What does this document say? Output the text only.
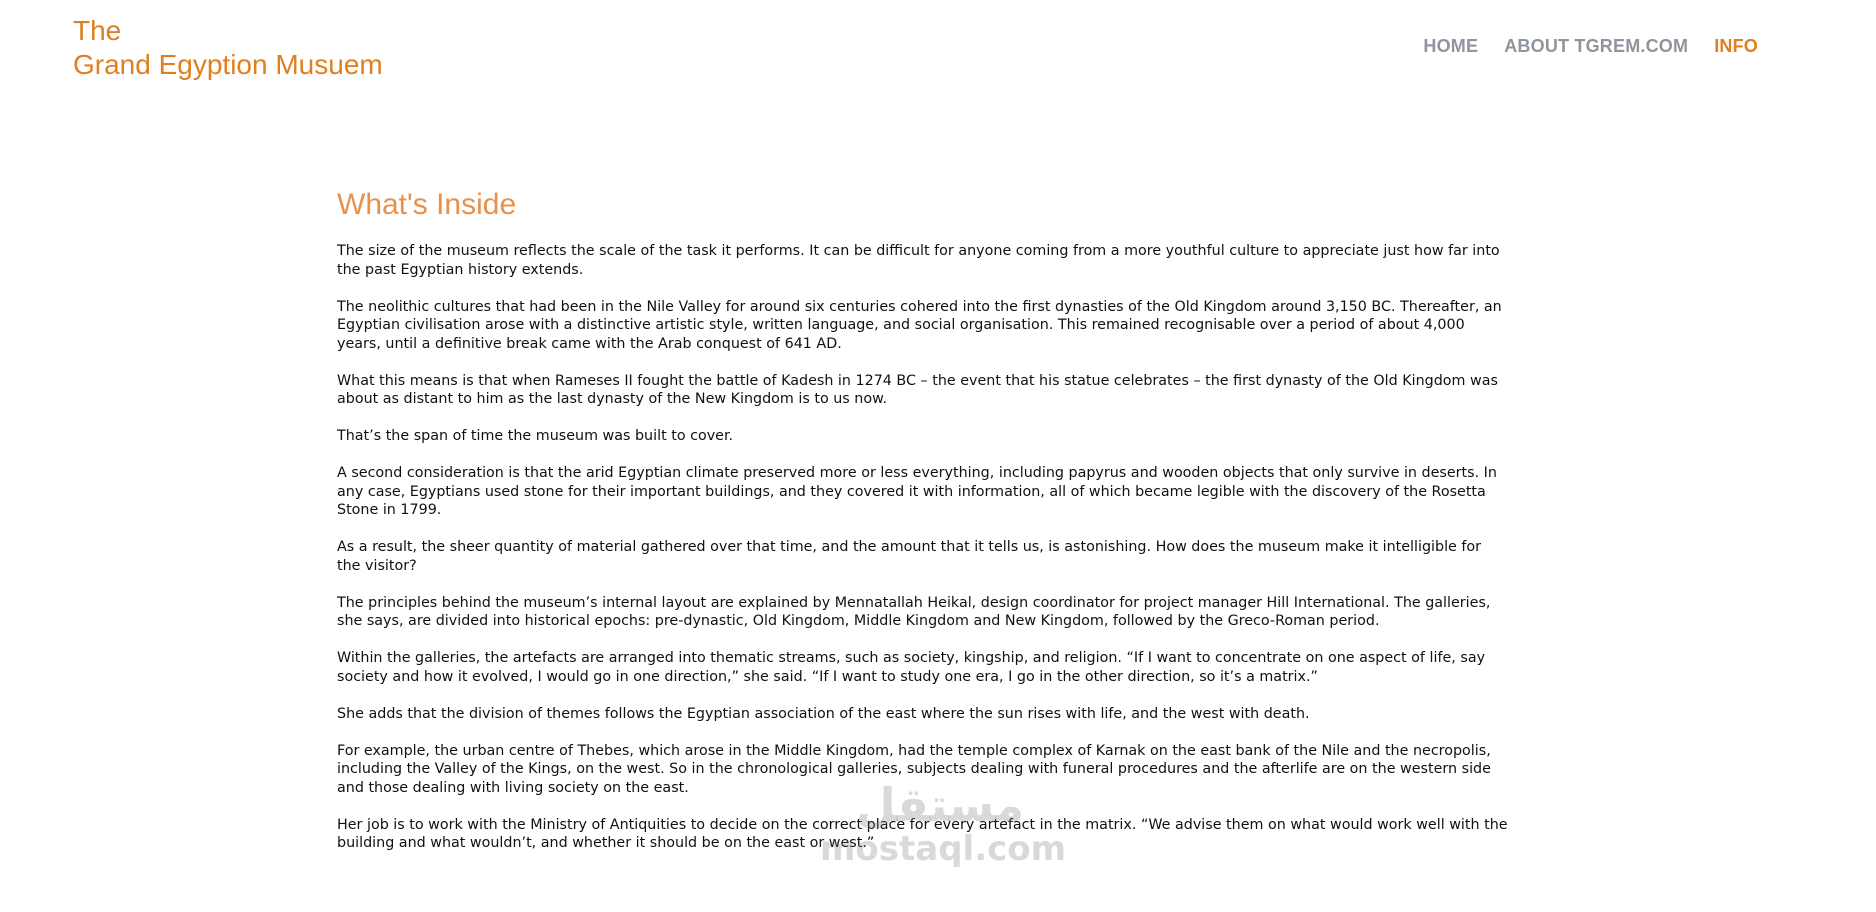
The
Grand Egyption Musuem
HOME ABOUT TGREM.COM INFO
What's Inside

The size of the museum reflects the scale of the task it performs. It can be difficult for anyone coming from a more youthful culture to appreciate just how far into the past Egyptian history extends.

The neolithic cultures that had been in the Nile Valley for around six centuries cohered into the first dynasties of the Old Kingdom around 3,150 BC. Thereafter, an Egyptian civilisation arose with a distinctive artistic style, written language, and social organisation. This remained recognisable over a period of about 4,000 years, until a definitive break came with the Arab conquest of 641 AD.

What this means is that when Rameses II fought the battle of Kadesh in 1274 BC – the event that his statue celebrates – the first dynasty of the Old Kingdom was about as distant to him as the last dynasty of the New Kingdom is to us now.

That’s the span of time the museum was built to cover.

A second consideration is that the arid Egyptian climate preserved more or less everything, including papyrus and wooden objects that only survive in deserts. In any case, Egyptians used stone for their important buildings, and they covered it with information, all of which became legible with the discovery of the Rosetta Stone in 1799.

As a result, the sheer quantity of material gathered over that time, and the amount that it tells us, is astonishing. How does the museum make it intelligible for the visitor?

The principles behind the museum’s internal layout are explained by Mennatallah Heikal, design coordinator for project manager Hill International. The galleries, she says, are divided into historical epochs: pre-dynastic, Old Kingdom, Middle Kingdom and New Kingdom, followed by the Greco-Roman period.

Within the galleries, the artefacts are arranged into thematic streams, such as society, kingship, and religion. “If I want to concentrate on one aspect of life, say society and how it evolved, I would go in one direction,” she said. “If I want to study one era, I go in the other direction, so it’s a matrix.”

She adds that the division of themes follows the Egyptian association of the east where the sun rises with life, and the west with death.

For example, the urban centre of Thebes, which arose in the Middle Kingdom, had the temple complex of Karnak on the east bank of the Nile and the necropolis, including the Valley of the Kings, on the west. So in the chronological galleries, subjects dealing with funeral procedures and the afterlife are on the western side and those dealing with living society on the east.

Her job is to work with the Ministry of Antiquities to decide on the correct place for every artefact in the matrix. “We advise them on what would work well with the building and what wouldn’t, and whether it should be on the east or west.”

مستقل
mostaql.com
